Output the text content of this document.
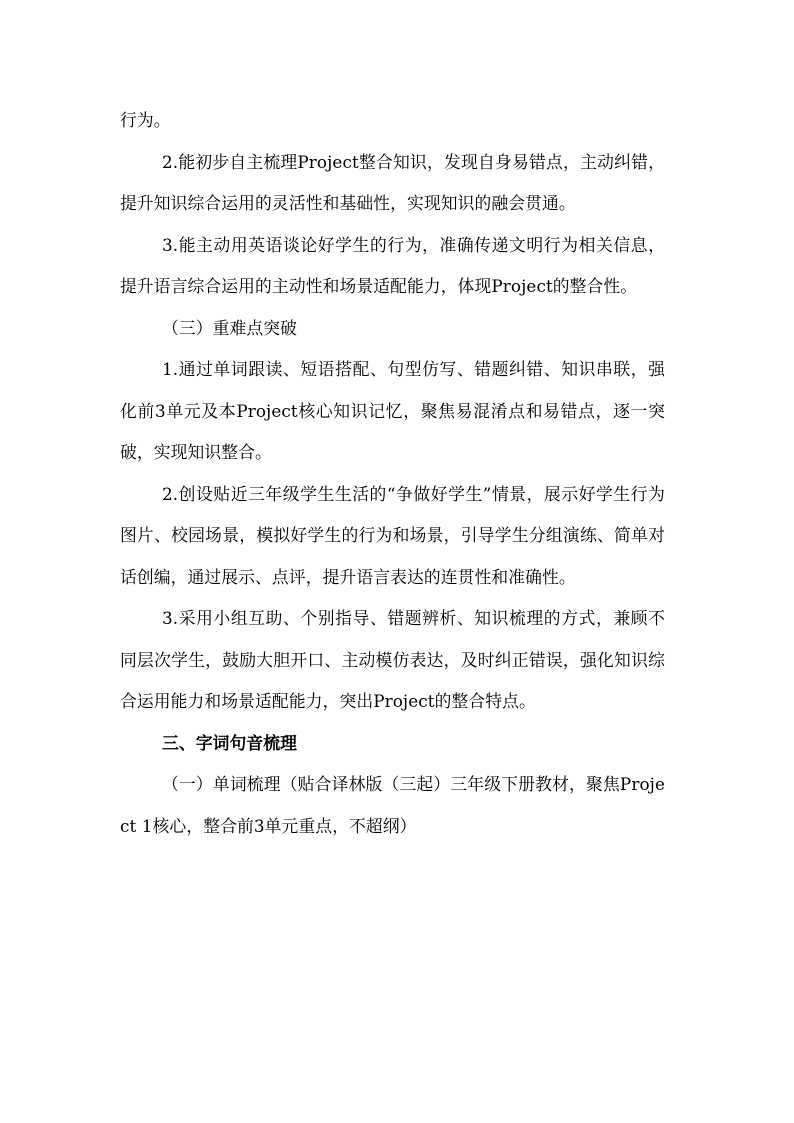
行为。

2.能初步自主梳理Project整合知识，发现自身易错点，主动纠错，提升知识综合运用的灵活性和基础性，实现知识的融会贯通。

3.能主动用英语谈论好学生的行为，准确传递文明行为相关信息，提升语言综合运用的主动性和场景适配能力，体现Project的整合性。

（三）重难点突破

1.通过单词跟读、短语搭配、句型仿写、错题纠错、知识串联，强化前3单元及本Project核心知识记忆，聚焦易混淆点和易错点，逐一突破，实现知识整合。

2.创设贴近三年级学生生活的“争做好学生”情景，展示好学生行为图片、校园场景，模拟好学生的行为和场景，引导学生分组演练、简单对话创编，通过展示、点评，提升语言表达的连贯性和准确性。

3.采用小组互助、个别指导、错题辨析、知识梳理的方式，兼顾不同层次学生，鼓励大胆开口、主动模仿表达，及时纠正错误，强化知识综合运用能力和场景适配能力，突出Project的整合特点。

三、字词句音梳理

（一）单词梳理（贴合译林版（三起）三年级下册教材，聚焦Project 1核心，整合前3单元重点，不超纲）
